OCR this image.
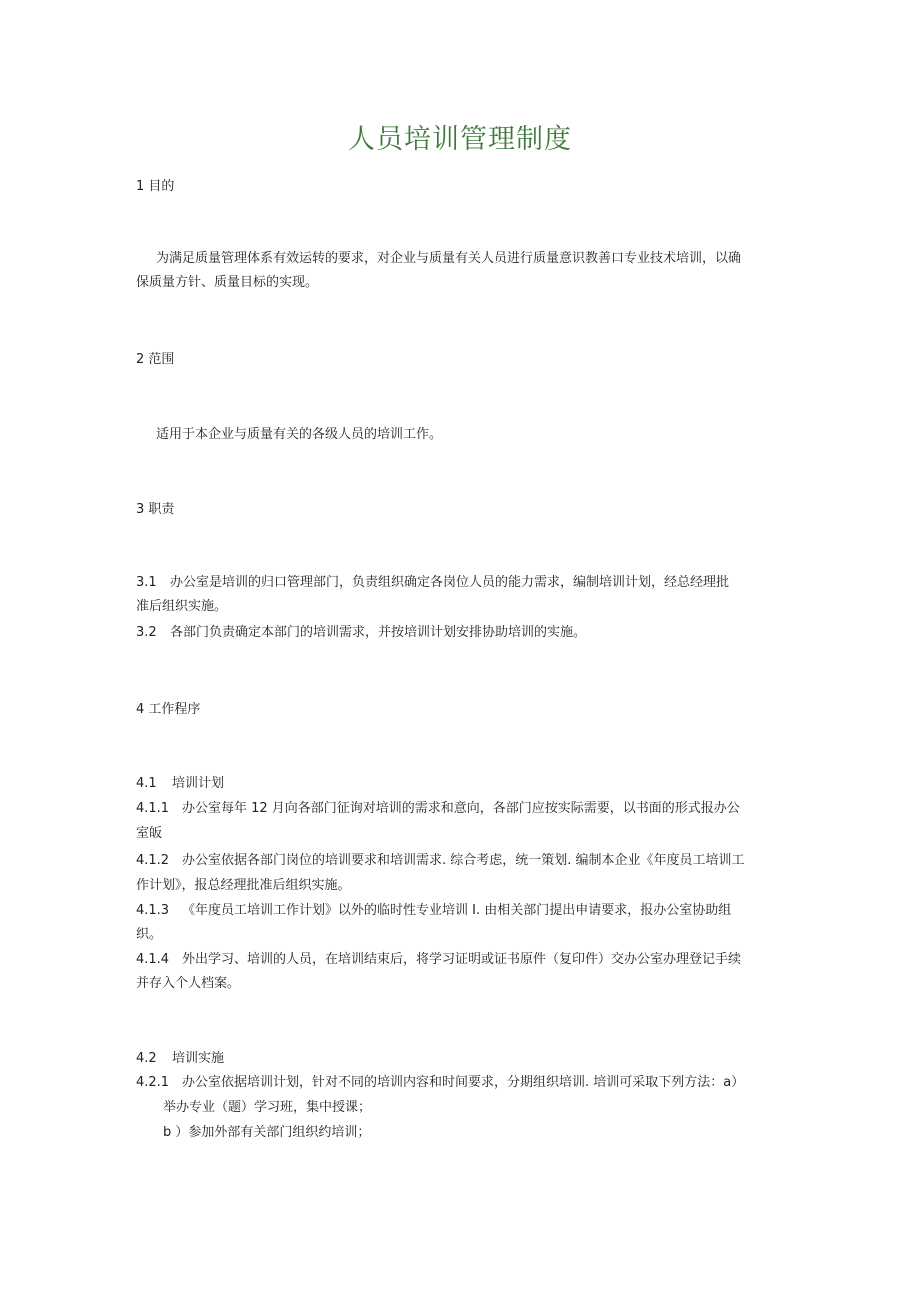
人员培训管理制度
1 目的
为满足质量管理体系有效运转的要求，对企业与质量有关人员进行质量意识教善口专业技术培训，以确
保质量方针、质量目标的实现。
2 范围
适用于本企业与质量有关的各级人员的培训工作。
3 职责
3.1 办公室是培训的归口管理部门，负责组织确定各岗位人员的能力需求，编制培训计划，经总经理批
准后组织实施。
3.2 各部门负责确定本部门的培训需求，并按培训计划安排协助培训的实施。
4 工作程序
4.1 培训计划
4.1.1 办公室每年 12 月向各部门征询对培训的需求和意向，各部门应按实际需要，以书面的形式报办公
室皈
4.1.2 办公室依据各部门岗位的培训要求和培训需求. 综合考虑，统一策划. 编制本企业《年度员工培训工
作计划》，报总经理批准后组织实施。
4.1.3 《年度员工培训工作计划》以外的临时性专业培训 I. 由相关部门提出申请要求，报办公室协助组
织。
4.1.4 外出学习、培训的人员，在培训结束后，将学习证明或证书原件（复印件）交办公室办理登记手续
并存入个人档案。
4.2 培训实施
4.2.1 办公室依据培训计划，针对不同的培训内容和时间要求，分期组织培训. 培训可采取下列方法：a）
举办专业（题）学习班，集中授课；
b ）参加外部有关部门组织约培训；
